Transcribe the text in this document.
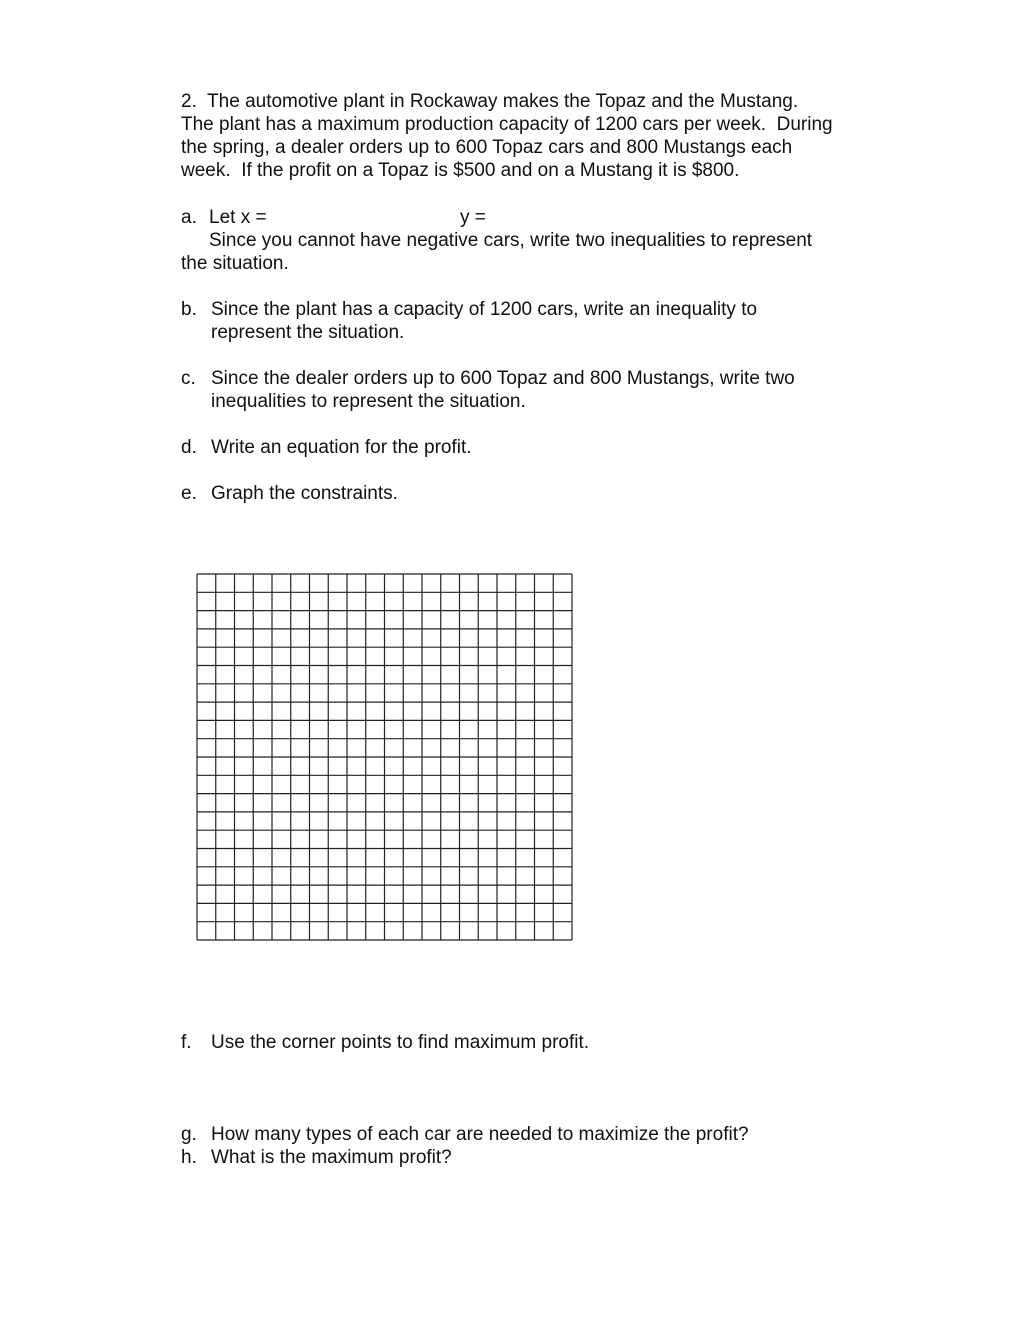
2.  The automotive plant in Rockaway makes the Topaz and the Mustang.
The plant has a maximum production capacity of 1200 cars per week.  During
the spring, a dealer orders up to 600 Topaz cars and 800 Mustangs each
week.  If the profit on a Topaz is $500 and on a Mustang it is $800.
a. Let x =	y =
Since you cannot have negative cars, write two inequalities to represent
the situation.
b. Since the plant has a capacity of 1200 cars, write an inequality to
represent the situation.
c. Since the dealer orders up to 600 Topaz and 800 Mustangs, write two
inequalities to represent the situation.
d. Write an equation for the profit.
e. Graph the constraints.
f. Use the corner points to find maximum profit.
g. How many types of each car are needed to maximize the profit?
h. What is the maximum profit?
